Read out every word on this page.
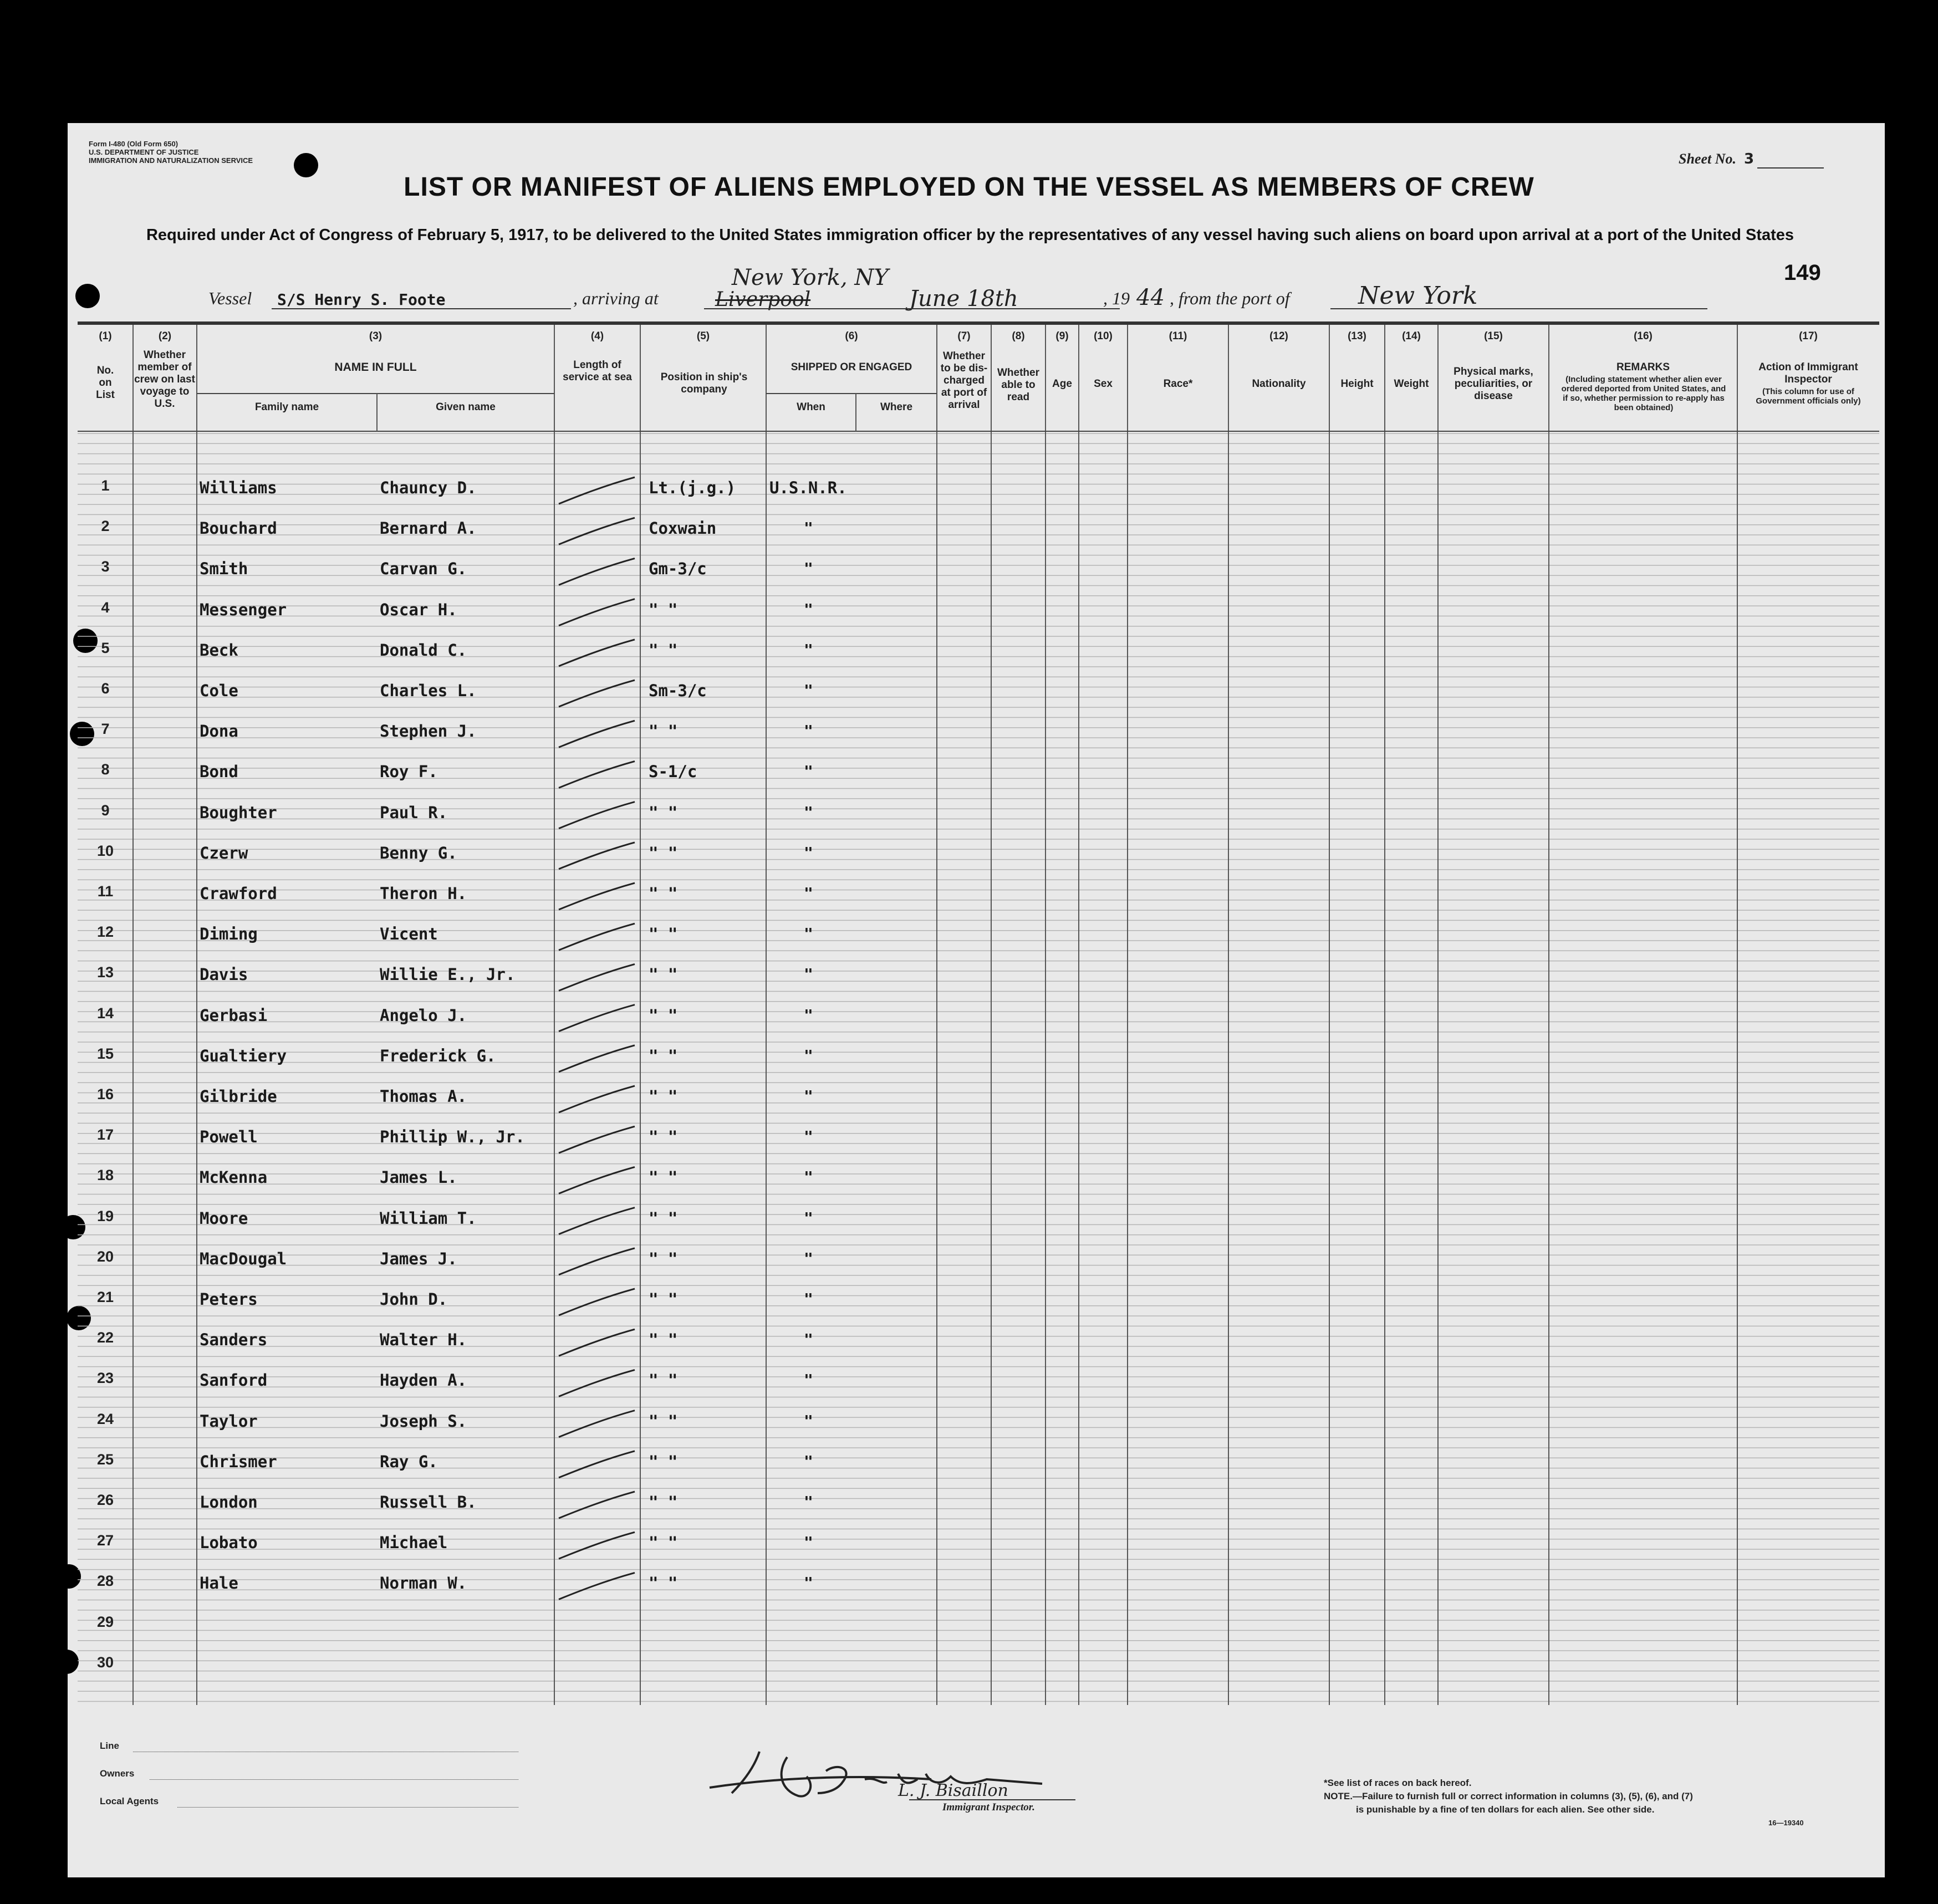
Form I-480 (Old Form 650)
U.S. DEPARTMENT OF JUSTICE
IMMIGRATION AND NATURALIZATION SERVICE	Sheet No. 3
LIST OR MANIFEST OF ALIENS EMPLOYED ON THE VESSEL AS MEMBERS OF CREW
Required under Act of Congress of February 5, 1917, to be delivered to the United States immigration officer by the representatives of any vessel having such aliens on board upon arrival at a port of the United States
149
Vessel S/S Henry S. Foote	, arriving at
New York, NY
Liverpool	June 18th	, 19 44 , from the port of	New York
(1)	(2)	(3)	(4)	(5)	(6)	(7)	(8)	(9)	(10)	(11)	(12)	(13)	(14)	(15)	(16)	(17)
No. on List
Whether member of crew on last voyage to U.S.
NAME IN FULL
Family name	Given name
Length of service at sea	Position in ship's company
SHIPPED OR ENGAGED
When	Where
Whether to be dis-charged at port of arrival
Whether able to read
Age	Sex	Race*	Nationality	Height	Weight
Physical marks, peculiarities, or disease
REMARKS
(Including statement whether alien ever ordered deported from United States, and if so, whether permission to re-apply has been obtained)
Action of Immigrant Inspector
(This column for use of Government officials only)
1	Williams	Chauncy D.	Lt.(j.g.) U.S.N.R.
2	Bouchard	Bernard A.	Coxwain	"
3	Smith	Carvan G.	Gm-3/c	"
4	Messenger	Oscar H.	" "	"
5	Beck	Donald C.	" "	"
6	Cole	Charles L.	Sm-3/c	"
7	Dona	Stephen J.	" "	"
8	Bond	Roy F.	S-1/c	"
9	Boughter	Paul R.	" "	"
10	Czerw	Benny G.	" "	"
11	Crawford	Theron H.	" "	"
12	Diming	Vicent	" "	"
13	Davis	Willie E., Jr.	" "	"
14	Gerbasi	Angelo J.	" "	"
15	Gualtiery	Frederick G.	" "	"
16	Gilbride	Thomas A.	" "	"
17	Powell	Phillip W., Jr.	" "	"
18	McKenna	James L.	" "	"
19	Moore	William T.	" "	"
20	MacDougal	James J.	" "	"
21	Peters	John D.	" "	"
22	Sanders	Walter H.	" "	"
23	Sanford	Hayden A.	" "	"
24	Taylor	Joseph S.	" "	"
25	Chrismer	Ray G.	" "	"
26	London	Russell B.	" "	"
27	Lobato	Michael	" "	"
28	Hale	Norman W.	" "	"
29
30
Line
Owners
Local Agents
L. J. Bisaillon
Immigrant Inspector.
*See list of races on back hereof.
NOTE.—Failure to furnish full or correct information in columns (3), (5), (6), and (7)
is punishable by a fine of ten dollars for each alien. See other side.
16—19340
